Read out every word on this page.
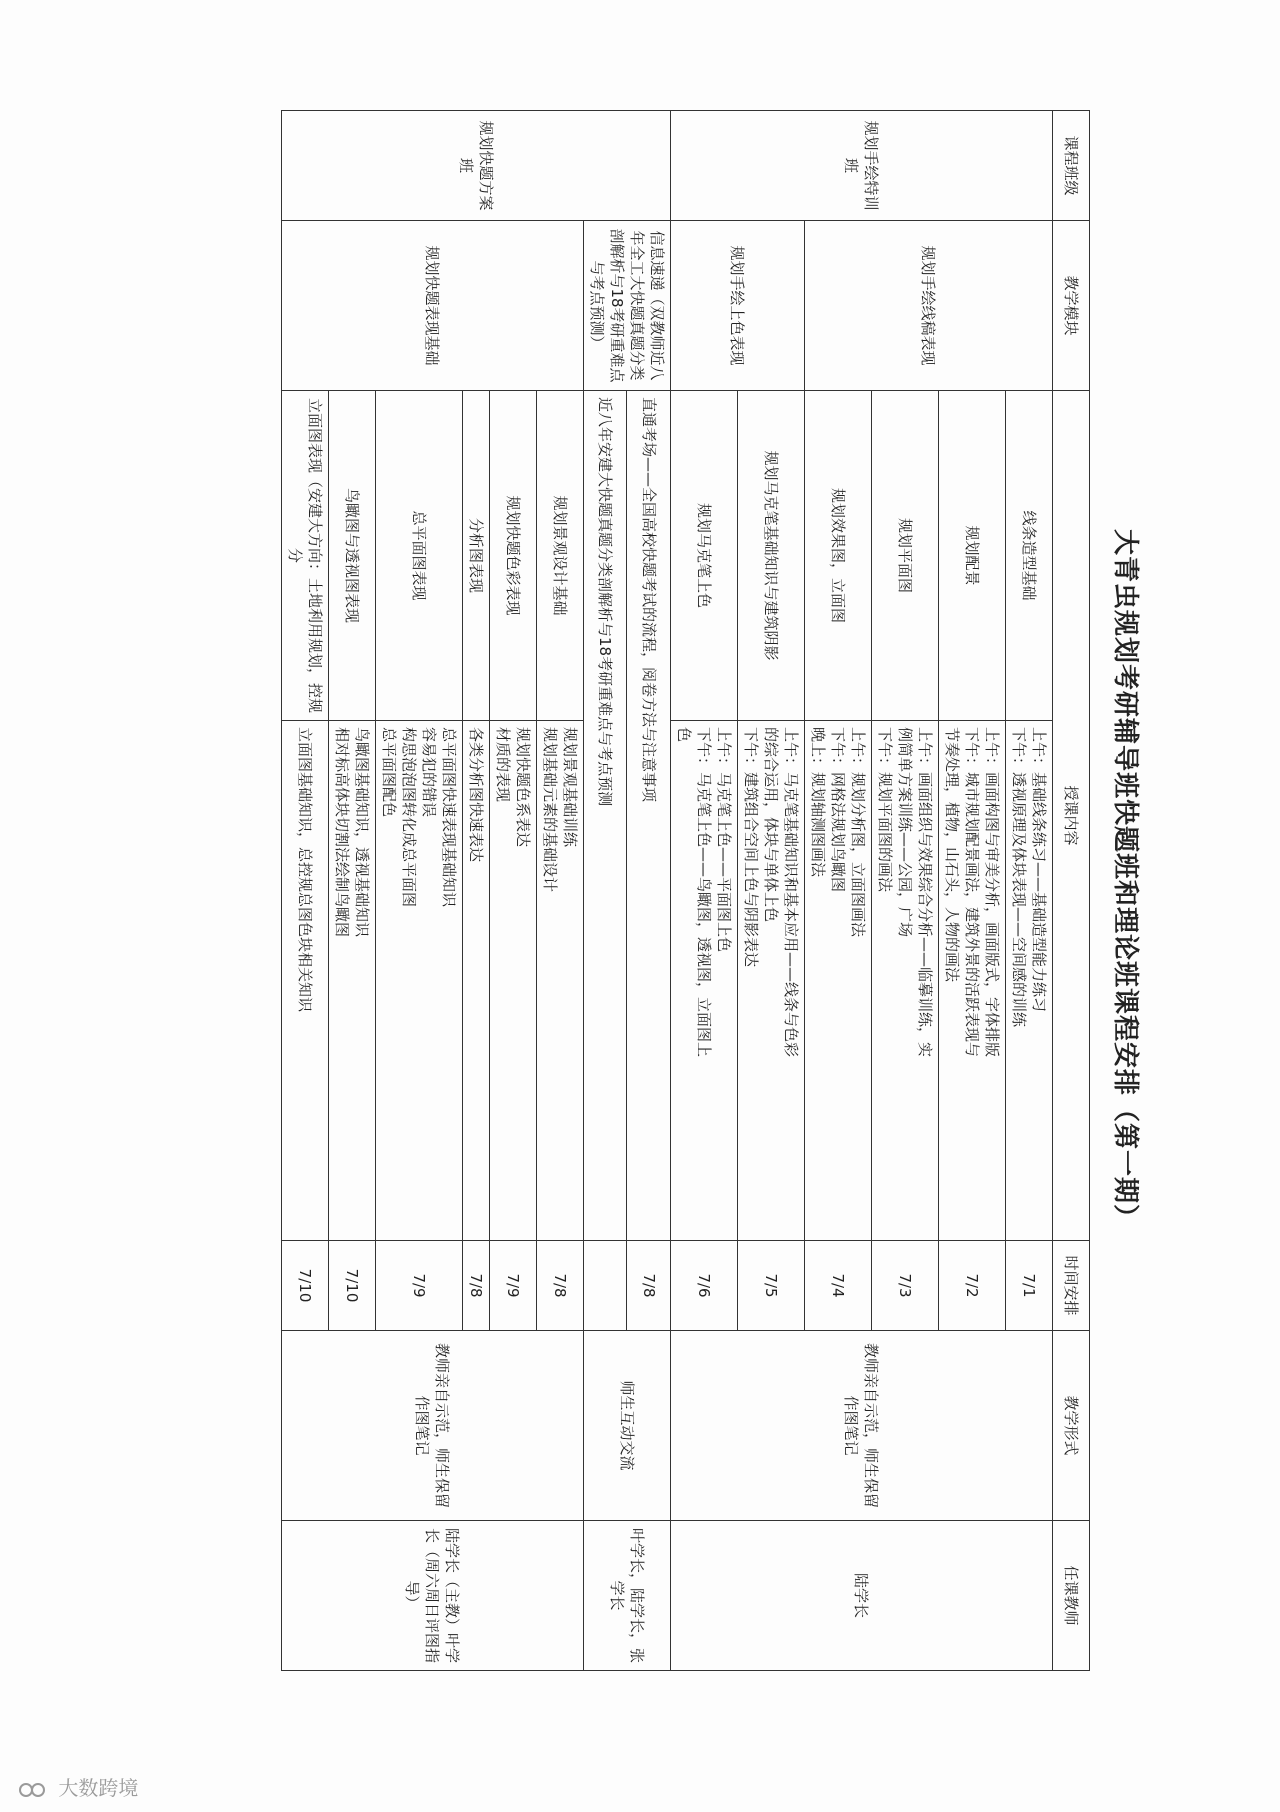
大青虫规划考研辅导班快题班和理论班课程安排（第一期）
课程班级	教学模块	授课内容		时间安排	教学形式	任课教师
规划手绘特训班	规划手绘线稿表现	线条造型基础	上午：基础线条练习——基础造型能力练习
下午：透视原理及体块表现——空间感的训练	7/1	教师亲自示范，师生保留作图笔记	陆学长
		规划配景	上午：画面构图与审美分析，画面版式，字体排版
下午：城市规划配景画法，建筑外景的活跃表现与
节奏处理，植物，山石头，人物的画法	7/2		
		规划平面图	上午：画面组织与效果综合分析——临摹训练，实
例简单方案训练——公园，广场
下午：规划平面图的画法	7/3		
		规划效果图，立面图	上午：规划分析图，立面图画法
下午：网格法规划鸟瞰图
晚上：规划轴测图画法	7/4		
	规划手绘上色表现	规划马克笔基础知识与建筑阴影	上午：马克笔基础知识和基本应用——线条与色彩
的综合运用，体块与单体上色
下午：建筑组合空间上色与阴影表达	7/5		
		规划马克笔上色	上午：马克笔上色——平面图上色
下午：马克笔上色——鸟瞰图，透视图，立面图上
色	7/6		
规划快题方案班	信息速递（双教师近八年全工大快题真题分类剖解析与18考研重难点与考点预测）	直通考场——全国高校快题考试的流程，阅卷方法与注意事项		7/8	师生互动交流	叶学长，陆学长，张学长
		近八年安建大快题真题分类剖解析与18考研重难点与考点预测				
	规划快题表现基础	规划景观设计基础	规划景观基础训练
规划基础元素的基础设计	7/8	教师亲自示范，师生保留作图笔记	陆学长（主教）叶学长（周六周日评图指导）
		规划快题色彩表现	规划快题色系表达
材质的表现	7/9		
		分析图表现	各类分析图快速表达	7/8		
		总平面图表现	总平面图快速表现基础知识
容易犯的错误
构思泡泡图转化成总平面图
总平面图配色	7/9		
		鸟瞰图与透视图表现	鸟瞰图基础知识，透视基础知识
相对标高体块切割法绘制鸟瞰图	7/10		
		立面图表现（安建大方向：土地利用规划，控规分	立面图基础知识，总控规总图色块相关知识	7/10		
大数跨境
